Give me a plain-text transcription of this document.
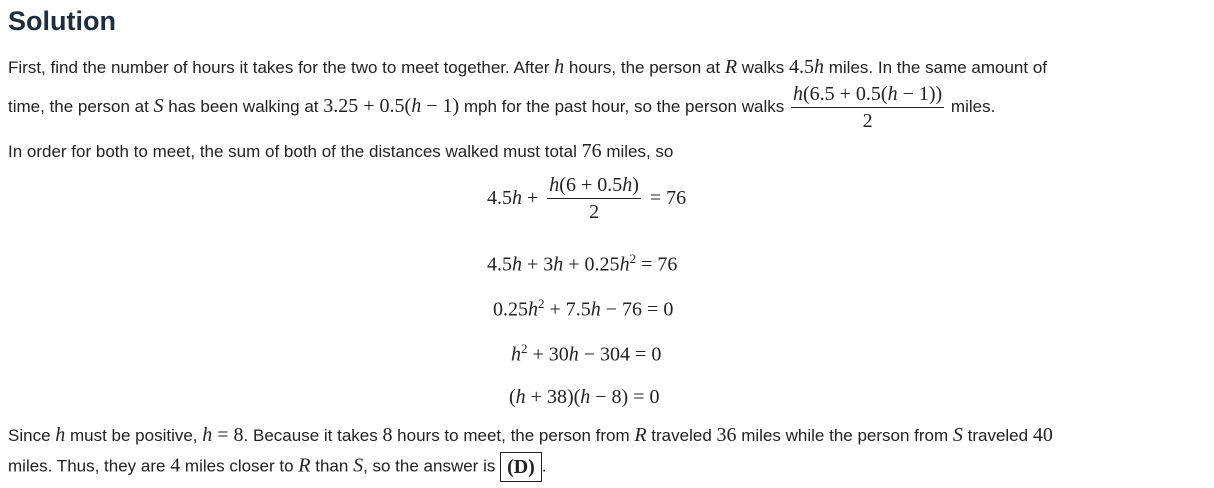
Solution
First, find the number of hours it takes for the two to meet together. After h hours, the person at R walks 4.5h miles. In the same amount of
time, the person at S has been walking at 3.25 + 0.5(h − 1) mph for the past hour, so the person walks $\frac{h(6.5 + 0.5(h - 1))}{2}$ miles.
In order for both to meet, the sum of both of the distances walked must total 76 miles, so
$4.5h + \frac{h(6 + 0.5h)}{2} = 76$
$4.5h + 3h + 0.25h^2 = 76$
$0.25h^2 + 7.5h - 76 = 0$
$h^2 + 30h - 304 = 0$
(h + 38)(h − 8) = 0
Since h must be positive, h = 8. Because it takes 8 hours to meet, the person from R traveled 36 miles while the person from S traveled 40
miles. Thus, they are 4 miles closer to R than S, so the answer is (D) .
